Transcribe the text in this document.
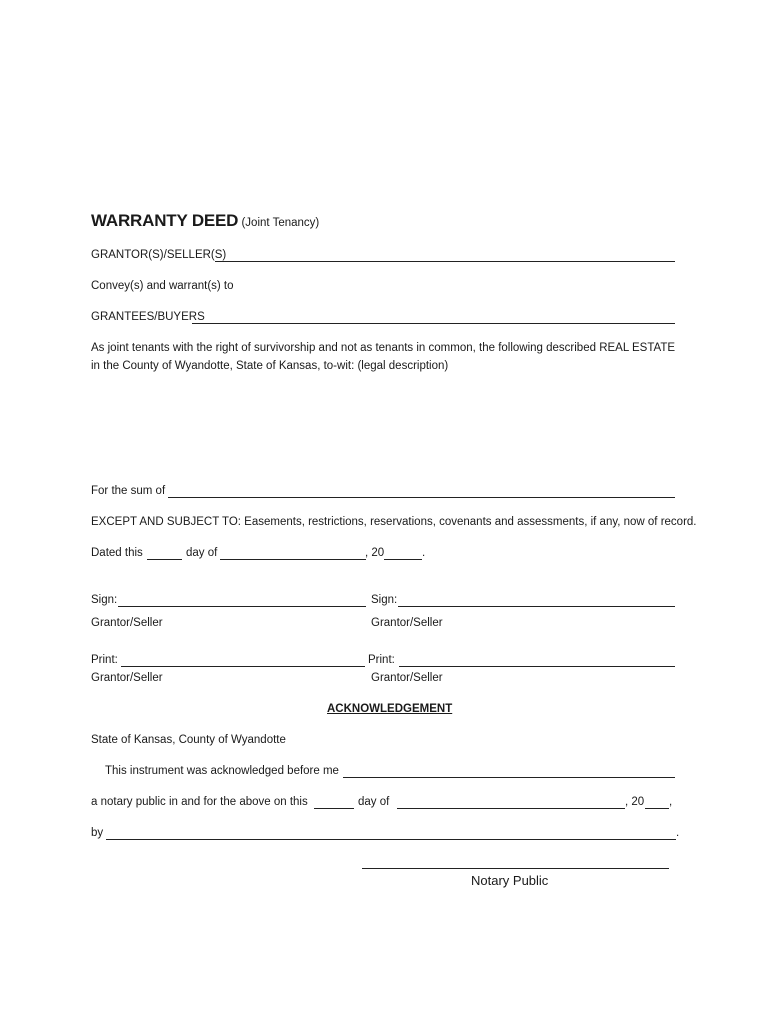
WARRANTY DEED (Joint Tenancy)
GRANTOR(S)/SELLER(S)
Convey(s) and warrant(s) to
GRANTEES/BUYERS
As joint tenants with the right of survivorship and not as tenants in common, the following described REAL ESTATE
in the County of Wyandotte, State of Kansas, to-wit: (legal description)
For the sum of
EXCEPT AND SUBJECT TO: Easements, restrictions, reservations, covenants and assessments, if any, now of record.
Dated this	day of	, 20	.
Sign:	Sign:
Grantor/Seller	Grantor/Seller
Print:	Print:
Grantor/Seller	Grantor/Seller
ACKNOWLEDGEMENT
State of Kansas, County of Wyandotte
This instrument was acknowledged before me
a notary public in and for the above on this	day of	, 20 ,
by	.
Notary Public
